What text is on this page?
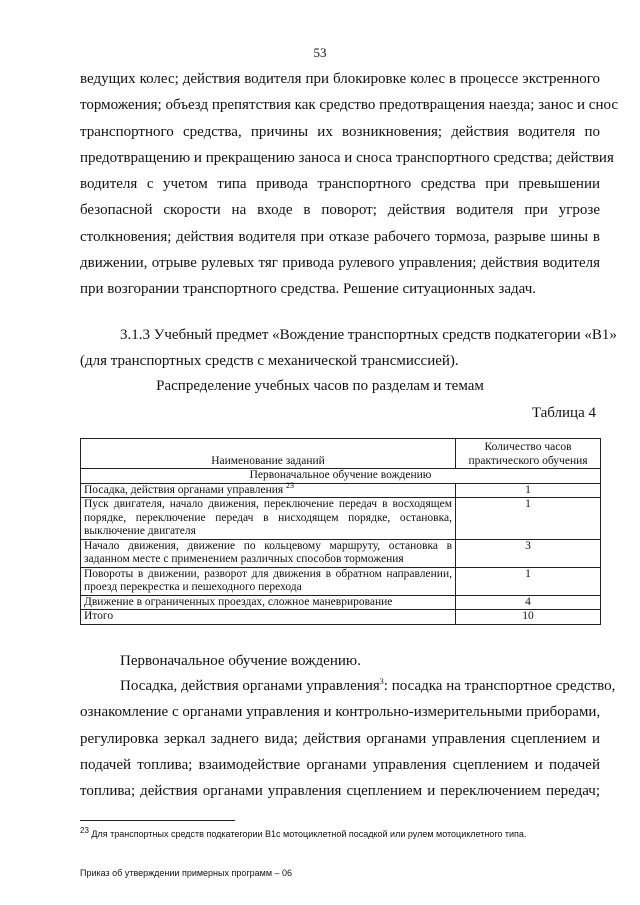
53
ведущих колес; действия водителя при блокировке колес в процессе экстренного
торможения; объезд препятствия как средство предотвращения наезда; занос и снос
транспортного средства, причины их возникновения; действия водителя по
предотвращению и прекращению заноса и сноса транспортного средства; действия
водителя с учетом типа привода транспортного средства при превышении
безопасной скорости на входе в поворот; действия водителя при угрозе
столкновения; действия водителя при отказе рабочего тормоза, разрыве шины в
движении, отрыве рулевых тяг привода рулевого управления; действия водителя
при возгорании транспортного средства. Решение ситуационных задач.
3.1.3 Учебный предмет «Вождение транспортных средств подкатегории «В1»
(для транспортных средств с механической трансмиссией).
Распределение учебных часов по разделам и темам
Таблица 4
Наименование заданий	Количество часов практического обучения
Первоначальное обучение вождению	
Посадка, действия органами управления $^{23}$	1
Пуск двигателя, начало движения, переключение передач в восходящем порядке, переключение передач в нисходящем порядке, остановка, выключение двигателя	1
Начало движения, движение по кольцевому маршруту, остановка в заданном месте с применением различных способов торможения	3
Повороты в движении, разворот для движения в обратном направлении, проезд перекрестка и пешеходного перехода	1
Движение в ограниченных проездах, сложное маневрирование	4
Итого	10
Первоначальное обучение вождению.
Посадка, действия органами управления$^3$: посадка на транспортное средство,
ознакомление с органами управления и контрольно-измерительными приборами,
регулировка зеркал заднего вида; действия органами управления сцеплением и
подачей топлива; взаимодействие органами управления сцеплением и подачей
топлива; действия органами управления сцеплением и переключением передач;
$^{23}$ Для транспортных средств подкатегории В1с мотоциклетной посадкой или рулем мотоциклетного типа.
Приказ об утверждении примерных программ – 06
